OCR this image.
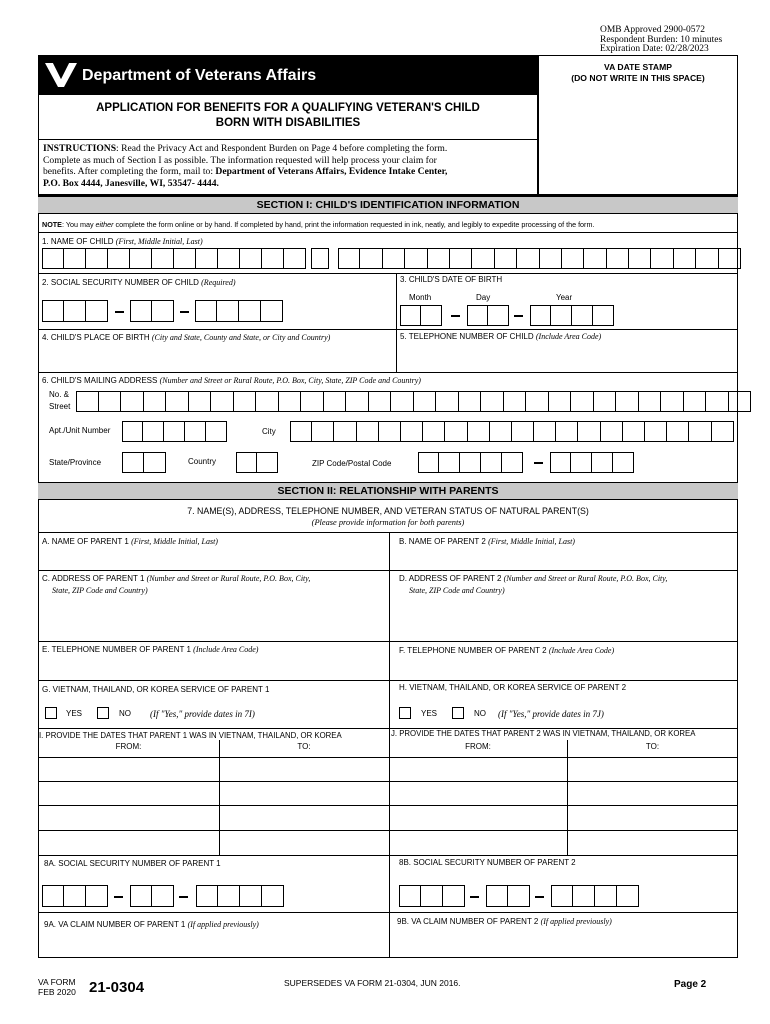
OMB Approved 2900-0572
Respondent Burden: 10 minutes
Expiration Date: 02/28/2023
Department of Veterans Affairs
APPLICATION FOR BENEFITS FOR A QUALIFYING VETERAN'S CHILD
BORN WITH DISABILITIES
INSTRUCTIONS: Read the Privacy Act and Respondent Burden on Page 4 before completing the form.
Complete as much of Section I as possible. The information requested will help process your claim for
benefits. After completing the form, mail to: Department of Veterans Affairs, Evidence Intake Center,
P.O. Box 4444, Janesville, WI, 53547- 4444.
VA DATE STAMP
(DO NOT WRITE IN THIS SPACE)
SECTION I: CHILD'S IDENTIFICATION INFORMATION
NOTE: You may either complete the form online or by hand. If completed by hand, print the information requested in ink, neatly, and legibly to expedite processing of the form.
1. NAME OF CHILD (First, Middle Initial, Last)
2. SOCIAL SECURITY NUMBER OF CHILD (Required)	3. CHILD'S DATE OF BIRTH
Month	Day	Year
4. CHILD'S PLACE OF BIRTH (City and State, County and State, or City and Country)	5. TELEPHONE NUMBER OF CHILD (Include Area Code)
6. CHILD'S MAILING ADDRESS (Number and Street or Rural Route, P.O. Box, City, State, ZIP Code and Country)
No. &
Street
Apt./Unit Number	City
State/Province	Country	ZIP Code/Postal Code
SECTION II: RELATIONSHIP WITH PARENTS
7. NAME(S), ADDRESS, TELEPHONE NUMBER, AND VETERAN STATUS OF NATURAL PARENT(S)
(Please provide information for both parents)
A. NAME OF PARENT 1 (First, Middle Initial, Last)	B. NAME OF PARENT 2 (First, Middle Initial, Last)
C. ADDRESS OF PARENT 1 (Number and Street or Rural Route, P.O. Box, City,
State, ZIP Code and Country)
D. ADDRESS OF PARENT 2 (Number and Street or Rural Route, P.O. Box, City,
State, ZIP Code and Country)
E. TELEPHONE NUMBER OF PARENT 1 (Include Area Code)	F. TELEPHONE NUMBER OF PARENT 2 (Include Area Code)
G. VIETNAM, THAILAND, OR KOREA SERVICE OF PARENT 1
YES	NO (If "Yes," provide dates in 7I)
H. VIETNAM, THAILAND, OR KOREA SERVICE OF PARENT 2
YES	NO (If "Yes," provide dates in 7J)
I. PROVIDE THE DATES THAT PARENT 1 WAS IN VIETNAM, THAILAND, OR KOREA	J. PROVIDE THE DATES THAT PARENT 2 WAS IN VIETNAM, THAILAND, OR KOREA
FROM:	TO:	FROM:	TO:
8A. SOCIAL SECURITY NUMBER OF PARENT 1	8B. SOCIAL SECURITY NUMBER OF PARENT 2
9A. VA CLAIM NUMBER OF PARENT 1 (If applied previously)	9B. VA CLAIM NUMBER OF PARENT 2 (If applied previously)
VA FORM
FEB 2020 21-0304	SUPERSEDES VA FORM 21-0304, JUN 2016.	Page 2
